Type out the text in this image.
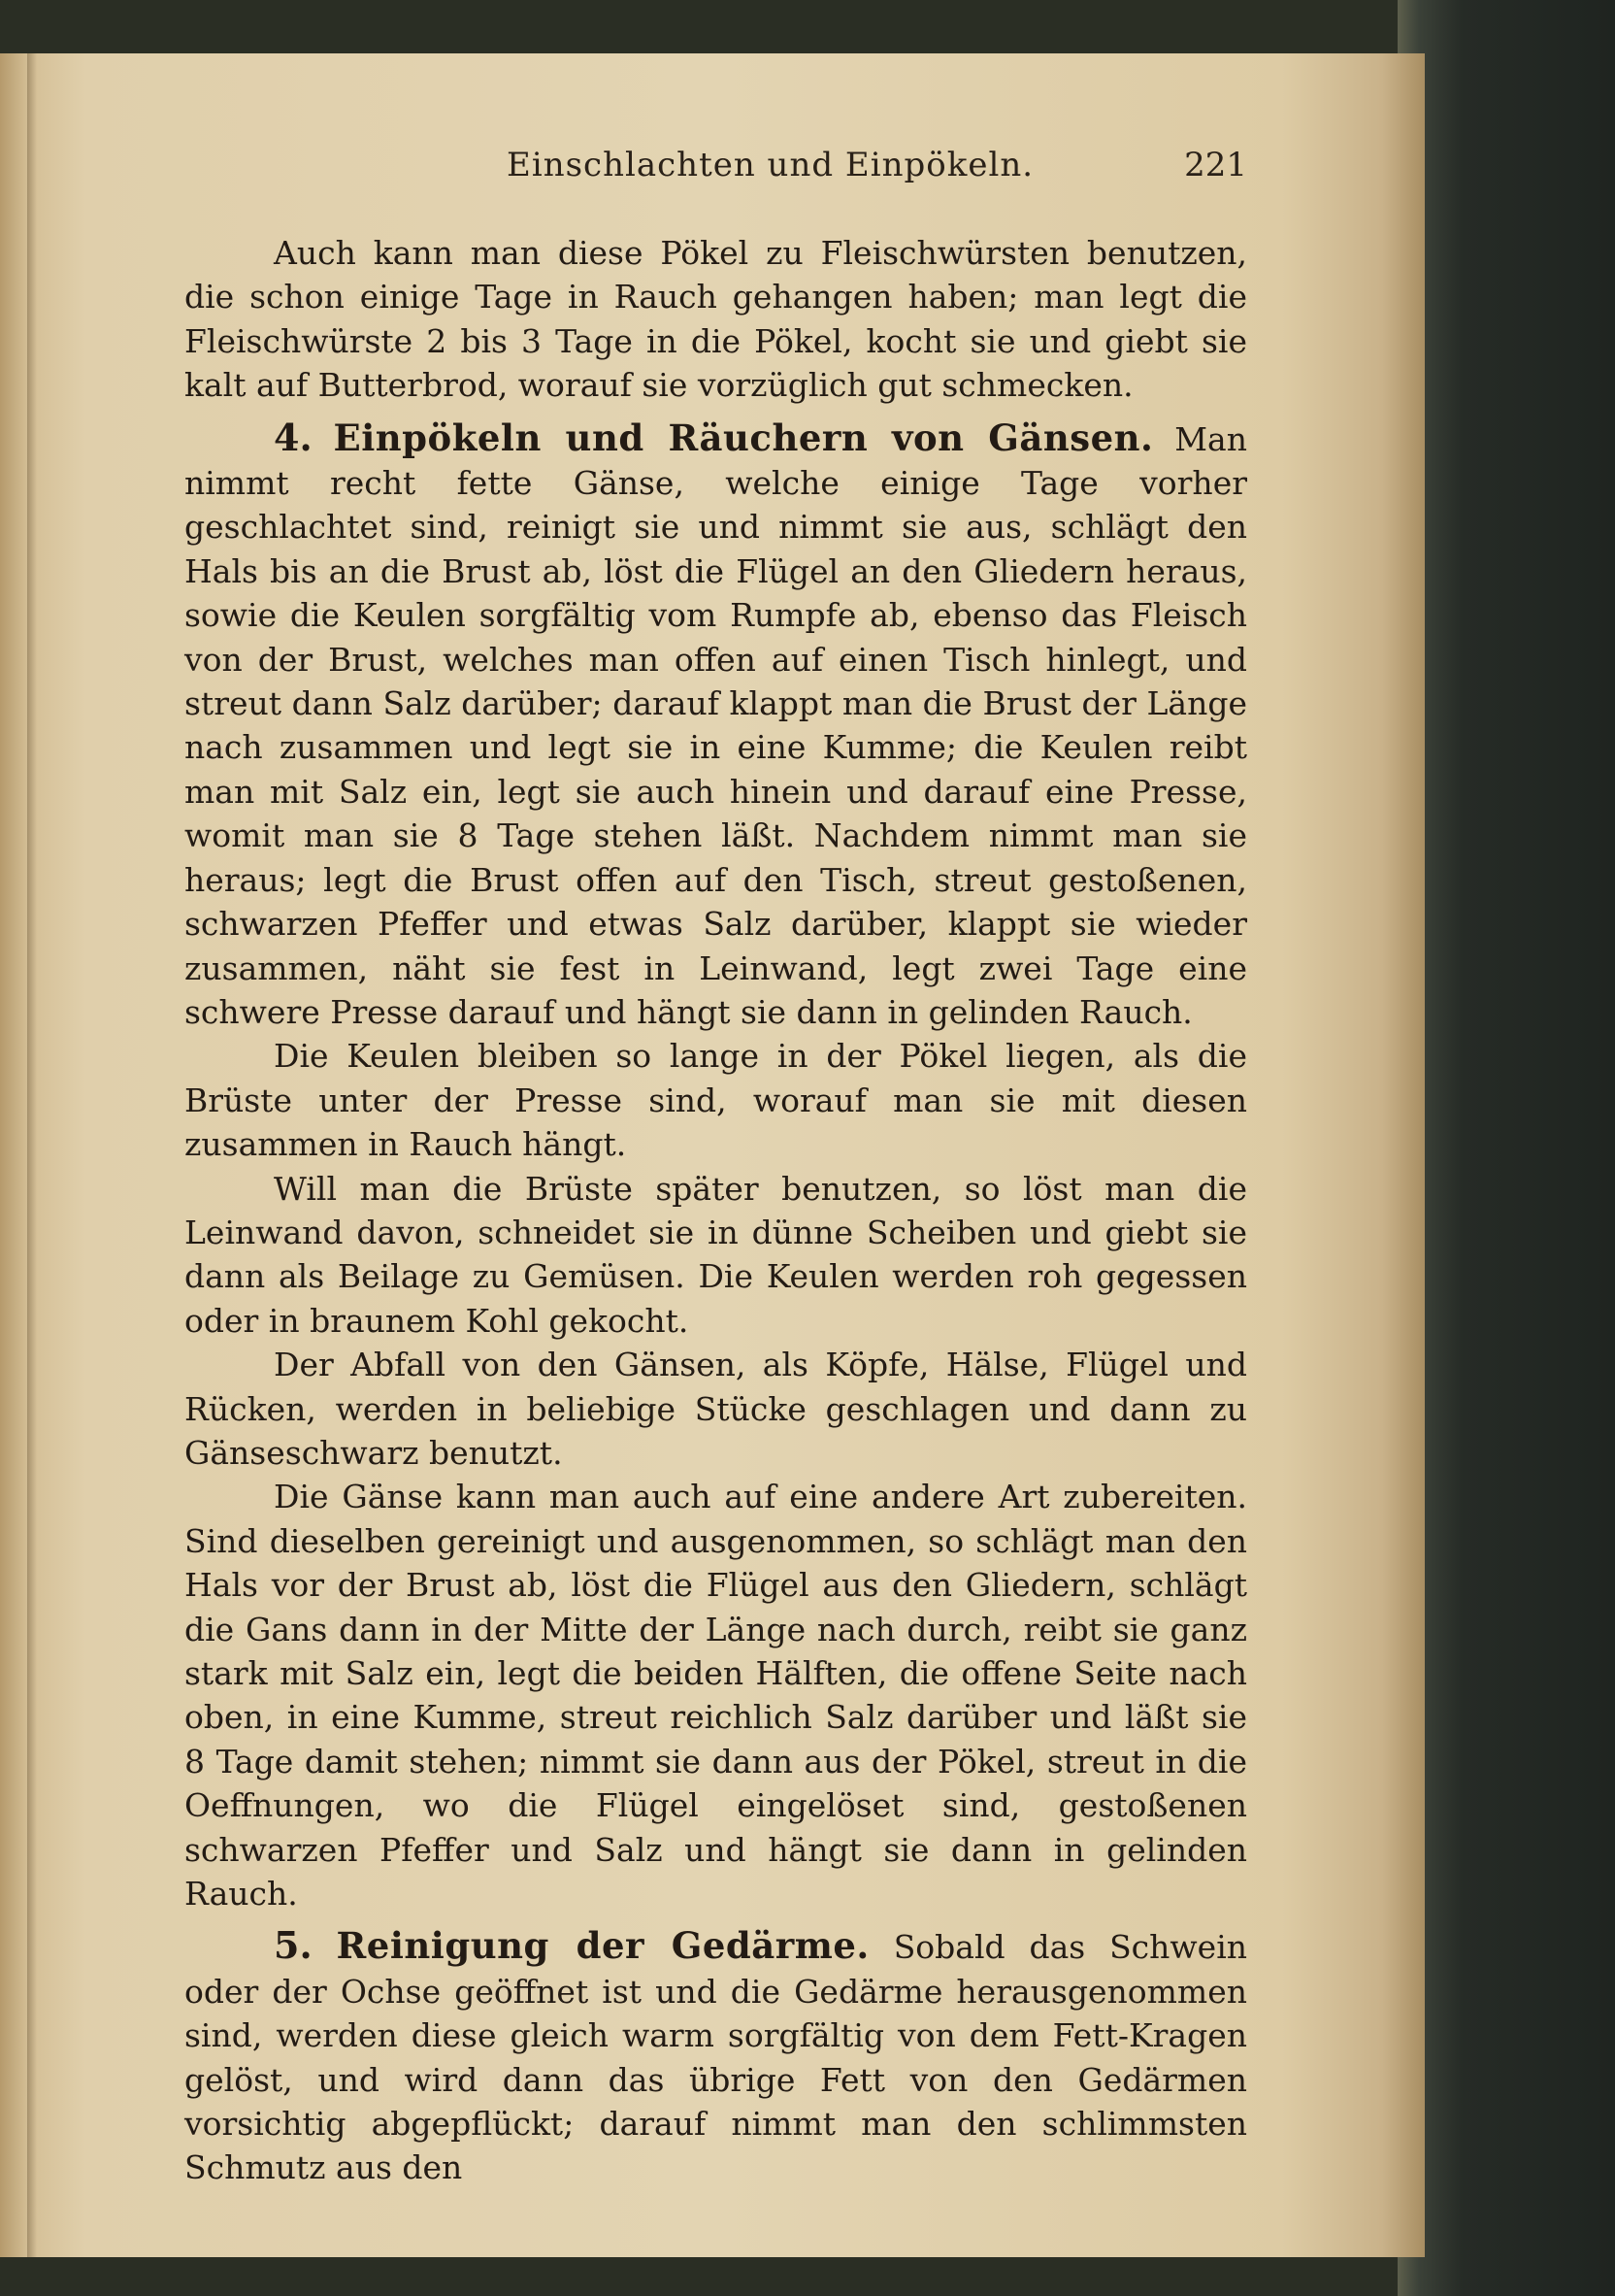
Einschlachten und Einpökeln.	221

Auch kann man diese Pökel zu Fleischwürsten benutzen, die schon einige Tage in Rauch gehangen haben; man legt die Fleischwürste 2 bis 3 Tage in die Pökel, kocht sie und giebt sie kalt auf Butterbrod, worauf sie vorzüglich gut schmecken.

4. Einpökeln und Räuchern von Gänsen. Man nimmt recht fette Gänse, welche einige Tage vorher geschlachtet sind, reinigt sie und nimmt sie aus, schlägt den Hals bis an die Brust ab, löst die Flügel an den Gliedern heraus, sowie die Keulen sorgfältig vom Rumpfe ab, ebenso das Fleisch von der Brust, welches man offen auf einen Tisch hinlegt, und streut dann Salz darüber; darauf klappt man die Brust der Länge nach zusammen und legt sie in eine Kumme; die Keulen reibt man mit Salz ein, legt sie auch hinein und darauf eine Presse, womit man sie 8 Tage stehen läßt. Nachdem nimmt man sie heraus; legt die Brust offen auf den Tisch, streut gestoßenen, schwarzen Pfeffer und etwas Salz darüber, klappt sie wieder zusammen, näht sie fest in Leinwand, legt zwei Tage eine schwere Presse darauf und hängt sie dann in gelinden Rauch.

Die Keulen bleiben so lange in der Pökel liegen, als die Brüste unter der Presse sind, worauf man sie mit diesen zusammen in Rauch hängt.

Will man die Brüste später benutzen, so löst man die Leinwand davon, schneidet sie in dünne Scheiben und giebt sie dann als Beilage zu Gemüsen. Die Keulen werden roh gegessen oder in braunem Kohl gekocht.

Der Abfall von den Gänsen, als Köpfe, Hälse, Flügel und Rücken, werden in beliebige Stücke geschlagen und dann zu Gänseschwarz benutzt.

Die Gänse kann man auch auf eine andere Art zubereiten. Sind dieselben gereinigt und ausgenommen, so schlägt man den Hals vor der Brust ab, löst die Flügel aus den Gliedern, schlägt die Gans dann in der Mitte der Länge nach durch, reibt sie ganz stark mit Salz ein, legt die beiden Hälften, die offene Seite nach oben, in eine Kumme, streut reichlich Salz darüber und läßt sie 8 Tage damit stehen; nimmt sie dann aus der Pökel, streut in die Oeffnungen, wo die Flügel eingelöset sind, gestoßenen schwarzen Pfeffer und Salz und hängt sie dann in gelinden Rauch.

5. Reinigung der Gedärme. Sobald das Schwein oder der Ochse geöffnet ist und die Gedärme herausgenommen sind, werden diese gleich warm sorgfältig von dem Fett-Kragen gelöst, und wird dann das übrige Fett von den Gedärmen vorsichtig abgepflückt; darauf nimmt man den schlimmsten Schmutz aus den
